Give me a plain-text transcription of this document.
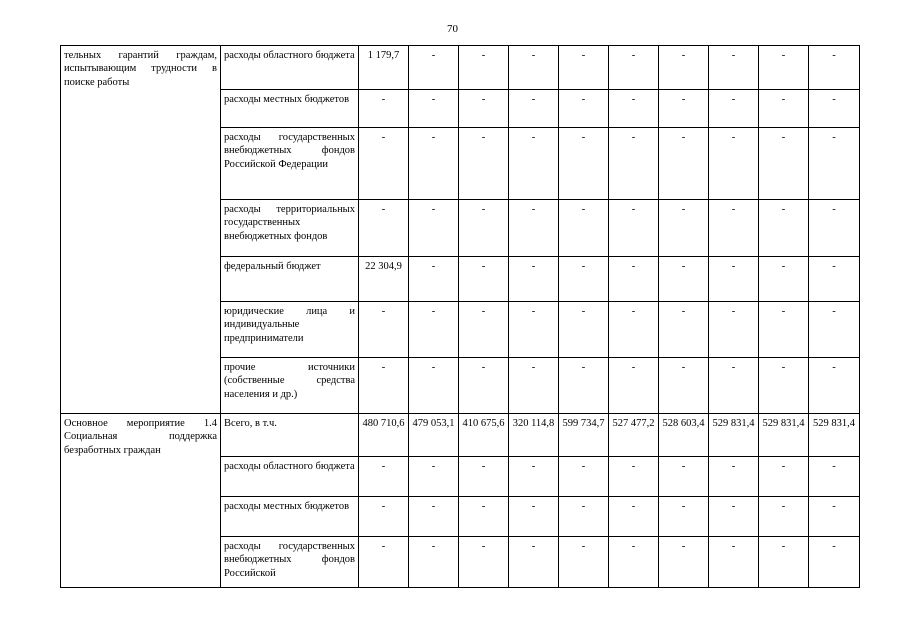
70
тельных гарантий граждам, испытывающим трудности в поиске работы	расходы областного бюджета	1 179,7	-	-	-	-	-	-	-	-	-
	расходы местных бюджетов	-	-	-	-	-	-	-	-	-	-
	расходы государственных внебюджетных фондов Российской Федерации	-	-	-	-	-	-	-	-	-	-
	расходы территориальных государственных внебюджетных фондов	-	-	-	-	-	-	-	-	-	-
	федеральный бюджет	22 304,9	-	-	-	-	-	-	-	-	-
	юридические лица и индивидуальные предприниматели	-	-	-	-	-	-	-	-	-	-
	прочие источники (собственные средства населения и др.)	-	-	-	-	-	-	-	-	-	-
Основное мероприятие 1.4 Социальная поддержка безработных граждан	Всего, в т.ч.	480 710,6	479 053,1	410 675,6	320 114,8	599 734,7	527 477,2	528 603,4	529 831,4	529 831,4	529 831,4
	расходы областного бюджета	-	-	-	-	-	-	-	-	-	-
	расходы местных бюджетов	-	-	-	-	-	-	-	-	-	-
	расходы государственных внебюджетных фондов Российской	-	-	-	-	-	-	-	-	-	-
